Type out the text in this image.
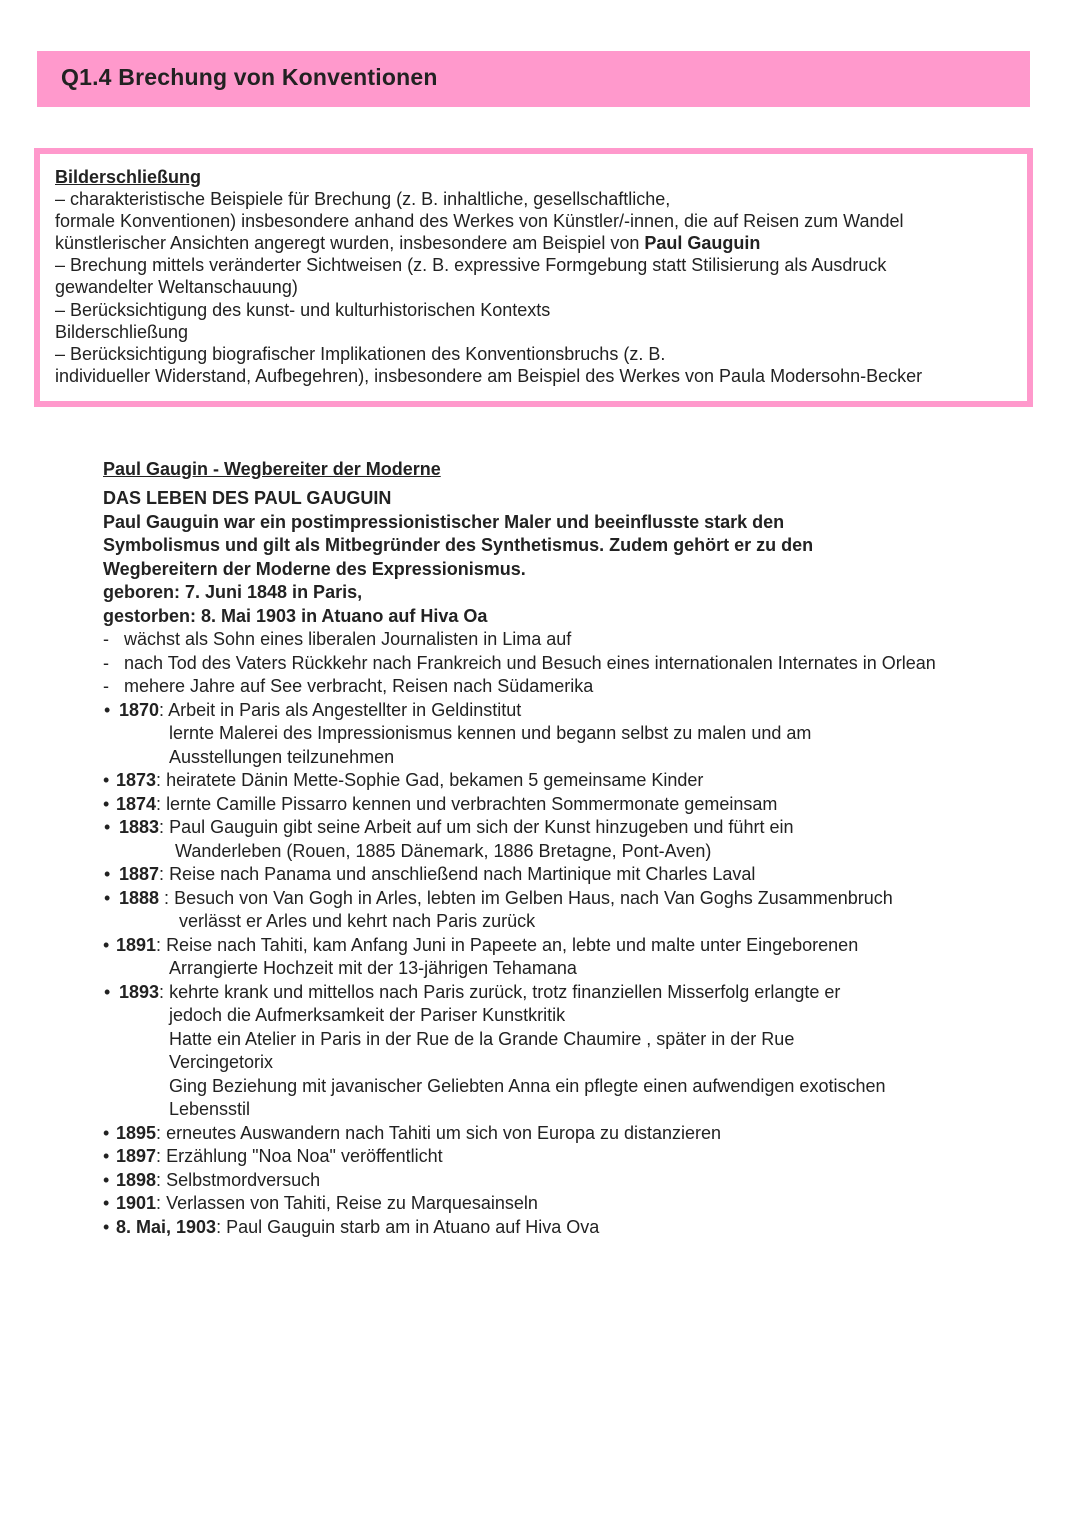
Q1.4 Brechung von Konventionen
Bilderschließung
– charakteristische Beispiele für Brechung (z. B. inhaltliche, gesellschaftliche,
formale Konventionen) insbesondere anhand des Werkes von Künstler/-innen, die auf Reisen zum Wandel
künstlerischer Ansichten angeregt wurden, insbesondere am Beispiel von Paul Gauguin
– Brechung mittels veränderter Sichtweisen (z. B. expressive Formgebung statt Stilisierung als Ausdruck
gewandelter Weltanschauung)
– Berücksichtigung des kunst- und kulturhistorischen Kontexts
Bilderschließung
– Berücksichtigung biografischer Implikationen des Konventionsbruchs (z. B.
individueller Widerstand, Aufbegehren), insbesondere am Beispiel des Werkes von Paula Modersohn-Becker
Paul Gaugin - Wegbereiter der Moderne
DAS LEBEN DES PAUL GAUGUIN
Paul Gauguin war ein postimpressionistischer Maler und beeinflusste stark den
Symbolismus und gilt als Mitbegründer des Synthetismus. Zudem gehört er zu den
Wegbereitern der Moderne des Expressionismus.
geboren: 7. Juni 1848 in Paris,
gestorben: 8. Mai 1903 in Atuano auf Hiva Oa
- wächst als Sohn eines liberalen Journalisten in Lima auf
- nach Tod des Vaters Rückkehr nach Frankreich und Besuch eines internationalen Internates in Orlean
- mehere Jahre auf See verbracht, Reisen nach Südamerika
• 1870: Arbeit in Paris als Angestellter in Geldinstitut
lernte Malerei des Impressionismus kennen und begann selbst zu malen und am
Ausstellungen teilzunehmen
• 1873: heiratete Dänin Mette-Sophie Gad, bekamen 5 gemeinsame Kinder
• 1874: lernte Camille Pissarro kennen und verbrachten Sommermonate gemeinsam
• 1883: Paul Gauguin gibt seine Arbeit auf um sich der Kunst hinzugeben und führt ein
Wanderleben (Rouen, 1885 Dänemark, 1886 Bretagne, Pont-Aven)
• 1887: Reise nach Panama und anschließend nach Martinique mit Charles Laval
• 1888 : Besuch von Van Gogh in Arles, lebten im Gelben Haus, nach Van Goghs Zusammenbruch
verlässt er Arles und kehrt nach Paris zurück
• 1891: Reise nach Tahiti, kam Anfang Juni in Papeete an, lebte und malte unter Eingeborenen
Arrangierte Hochzeit mit der 13-jährigen Tehamana
• 1893: kehrte krank und mittellos nach Paris zurück, trotz finanziellen Misserfolg erlangte er
jedoch die Aufmerksamkeit der Pariser Kunstkritik
Hatte ein Atelier in Paris in der Rue de la Grande Chaumire , später in der Rue
Vercingetorix
Ging Beziehung mit javanischer Geliebten Anna ein pflegte einen aufwendigen exotischen
Lebensstil
• 1895: erneutes Auswandern nach Tahiti um sich von Europa zu distanzieren
• 1897: Erzählung "Noa Noa" veröffentlicht
• 1898: Selbstmordversuch
• 1901: Verlassen von Tahiti, Reise zu Marquesainseln
• 8. Mai, 1903: Paul Gauguin starb am in Atuano auf Hiva Ova
